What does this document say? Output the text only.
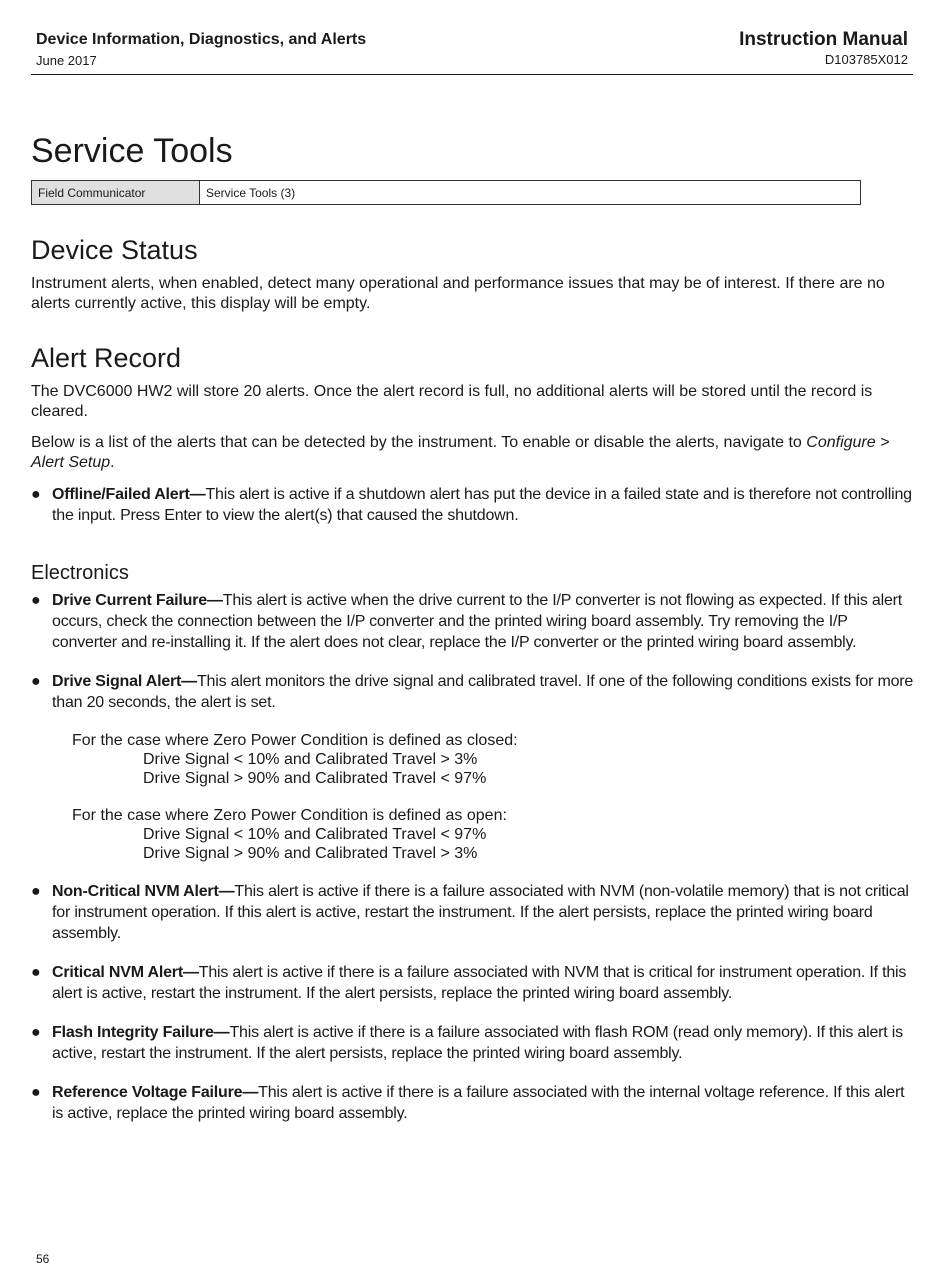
Device Information, Diagnostics, and Alerts
June 2017
Instruction Manual
D103785X012
Service Tools
Field Communicator	Service Tools (3)
Device Status

Instrument alerts, when enabled, detect many operational and performance issues that may be of interest. If there are no alerts currently active, this display will be empty.

Alert Record

The DVC6000 HW2 will store 20 alerts. Once the alert record is full, no additional alerts will be stored until the record is cleared.

Below is a list of the alerts that can be detected by the instrument. To enable or disable the alerts, navigate to Configure > Alert Setup.

● Offline/Failed Alert—This alert is active if a shutdown alert has put the device in a failed state and is therefore not controlling the input. Press Enter to view the alert(s) that caused the shutdown.
Electronics
● Drive Current Failure—This alert is active when the drive current to the I/P converter is not flowing as expected. If this alert occurs, check the connection between the I/P converter and the printed wiring board assembly. Try removing the I/P converter and re-installing it. If the alert does not clear, replace the I/P converter or the printed wiring board assembly.
● Drive Signal Alert—This alert monitors the drive signal and calibrated travel. If one of the following conditions exists for more than 20 seconds, the alert is set.
For the case where Zero Power Condition is defined as closed:
Drive Signal < 10% and Calibrated Travel > 3%
Drive Signal > 90% and Calibrated Travel < 97%
For the case where Zero Power Condition is defined as open:
Drive Signal < 10% and Calibrated Travel < 97%
Drive Signal > 90% and Calibrated Travel > 3%
● Non-Critical NVM Alert—This alert is active if there is a failure associated with NVM (non-volatile memory) that is not critical for instrument operation. If this alert is active, restart the instrument. If the alert persists, replace the printed wiring board assembly.
● Critical NVM Alert—This alert is active if there is a failure associated with NVM that is critical for instrument operation. If this alert is active, restart the instrument. If the alert persists, replace the printed wiring board assembly.
● Flash Integrity Failure—This alert is active if there is a failure associated with flash ROM (read only memory). If this alert is active, restart the instrument. If the alert persists, replace the printed wiring board assembly.
● Reference Voltage Failure—This alert is active if there is a failure associated with the internal voltage reference. If this alert is active, replace the printed wiring board assembly.
56
